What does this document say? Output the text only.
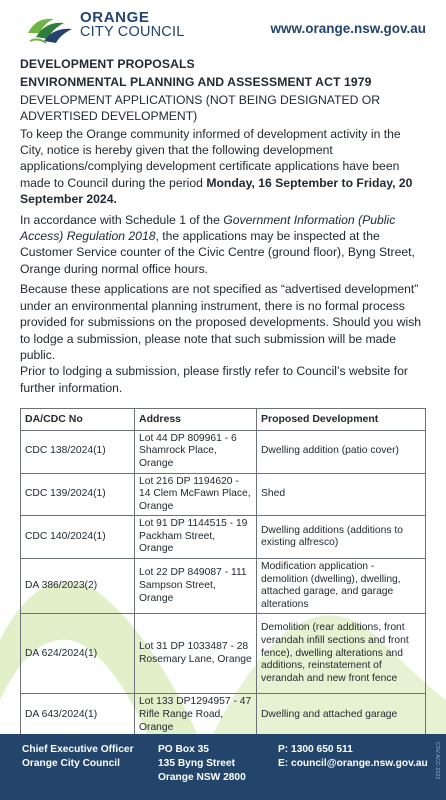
ORANGE
CITY COUNCIL	www.orange.nsw.gov.au
DEVELOPMENT PROPOSALS
ENVIRONMENTAL PLANNING AND ASSESSMENT ACT 1979
DEVELOPMENT APPLICATIONS (NOT BEING DESIGNATED OR ADVERTISED DEVELOPMENT)

To keep the Orange community informed of development activity in the City, notice is hereby given that the following development applications/complying development certificate applications have been made to Council during the period Monday, 16 September to Friday, 20 September 2024.

In accordance with Schedule 1 of the Government Information (Public Access) Regulation 2018, the applications may be inspected at the Customer Service counter of the Civic Centre (ground floor), Byng Street, Orange during normal office hours.

Because these applications are not specified as “advertised development” under an environmental planning instrument, there is no formal process provided for submissions on the proposed developments. Should you wish to lodge a submission, please note that such submission will be made public.

Prior to lodging a submission, please firstly refer to Council’s website for further information.

DA/CDC No	Address	Proposed Development
CDC 138/2024(1)	Lot 44 DP 809961 - 6 Shamrock Place, Orange	Dwelling addition (patio cover)
CDC 139/2024(1)	Lot 216 DP 1194620 - 14 Clem McFawn Place, Orange	Shed
CDC 140/2024(1)	Lot 91 DP 1144515 - 19 Packham Street, Orange	Dwelling additions (additions to existing alfresco)
DA 386/2023(2)	Lot 22 DP 849087 - 111 Sampson Street, Orange	Modification application - demolition (dwelling), dwelling, attached garage, and garage alterations
DA 624/2024(1)	Lot 31 DP 1033487 - 28 Rosemary Lane, Orange	Demolition (rear additions, front verandah infill sections and front fence), dwelling alterations and additions, reinstatement of verandah and new front fence
DA 643/2024(1)	Lot 133 DP1294957 - 47 Rifle Range Road, Orange	Dwelling and attached garage
Chief Executive Officer
Orange City Council
PO Box 35
135 Byng Street
Orange NSW 2800
P: 1300 650 511
E: council@orange.nsw.gov.au	CSV-ACC-2022
